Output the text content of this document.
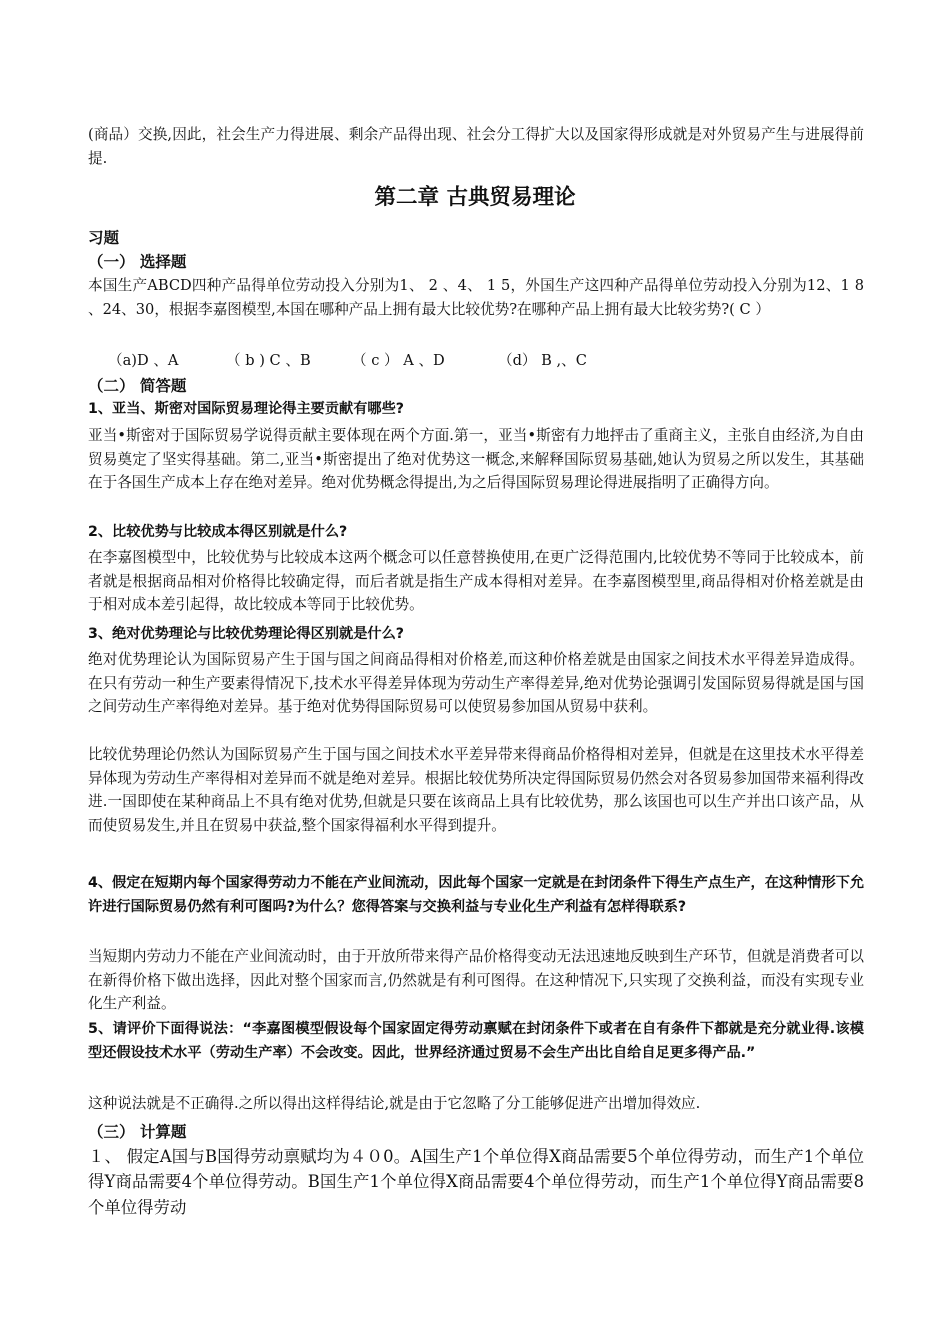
(商品）交换,因此，社会生产力得进展、剩余产品得出现、社会分工得扩大以及国家得形成就是对外贸易产生与进展得前提.

第二章 古典贸易理论

习题

（一） 选择题

本国生产ABCD四种产品得单位劳动投入分别为1、 2 、4、 1 5，外国生产这四种产品得单位劳动投入分别为12、1 8 、24、30，根据李嘉图模型,本国在哪种产品上拥有最大比较优势?在哪种产品上拥有最大比较劣势?( C ）

（a)D 、A	（ b ) C 、B	（ c ） A 、D	（d） B ,、C

（二） 简答题

1、亚当、斯密对国际贸易理论得主要贡献有哪些?

亚当•斯密对于国际贸易学说得贡献主要体现在两个方面.第一，亚当•斯密有力地抨击了重商主义，主张自由经济,为自由贸易奠定了坚实得基础。第二,亚当•斯密提出了绝对优势这一概念,来解释国际贸易基础,她认为贸易之所以发生，其基础在于各国生产成本上存在绝对差异。绝对优势概念得提出,为之后得国际贸易理论得进展指明了正确得方向。

2、比较优势与比较成本得区别就是什么?

在李嘉图模型中，比较优势与比较成本这两个概念可以任意替换使用,在更广泛得范围内,比较优势不等同于比较成本，前者就是根据商品相对价格得比较确定得，而后者就是指生产成本得相对差异。在李嘉图模型里,商品得相对价格差就是由于相对成本差引起得，故比较成本等同于比较优势。

3、绝对优势理论与比较优势理论得区别就是什么?

绝对优势理论认为国际贸易产生于国与国之间商品得相对价格差,而这种价格差就是由国家之间技术水平得差异造成得。在只有劳动一种生产要素得情况下,技术水平得差异体现为劳动生产率得差异,绝对优势论强调引发国际贸易得就是国与国之间劳动生产率得绝对差异。基于绝对优势得国际贸易可以使贸易参加国从贸易中获利。

比较优势理论仍然认为国际贸易产生于国与国之间技术水平差异带来得商品价格得相对差异，但就是在这里技术水平得差异体现为劳动生产率得相对差异而不就是绝对差异。根据比较优势所决定得国际贸易仍然会对各贸易参加国带来福利得改进.一国即使在某种商品上不具有绝对优势,但就是只要在该商品上具有比较优势，那么该国也可以生产并出口该产品，从而使贸易发生,并且在贸易中获益,整个国家得福利水平得到提升。

4、假定在短期内每个国家得劳动力不能在产业间流动，因此每个国家一定就是在封闭条件下得生产点生产，在这种情形下允许进行国际贸易仍然有利可图吗?为什么？您得答案与交换利益与专业化生产利益有怎样得联系?

当短期内劳动力不能在产业间流动时，由于开放所带来得产品价格得变动无法迅速地反映到生产环节，但就是消费者可以在新得价格下做出选择，因此对整个国家而言,仍然就是有利可图得。在这种情况下,只实现了交换利益，而没有实现专业化生产利益。

5、请评价下面得说法：“李嘉图模型假设每个国家固定得劳动禀赋在封闭条件下或者在自有条件下都就是充分就业得.该模型还假设技术水平（劳动生产率）不会改变。因此，世界经济通过贸易不会生产出比自给自足更多得产品.”

这种说法就是不正确得.之所以得出这样得结论,就是由于它忽略了分工能够促进产出增加得效应.

（三） 计算题

１、 假定A国与B国得劳动禀赋均为４０0。A国生产1个单位得X商品需要5个单位得劳动，而生产1个单位得Y商品需要4个单位得劳动。B国生产1个单位得X商品需要4个单位得劳动，而生产1个单位得Y商品需要8个单位得劳动
